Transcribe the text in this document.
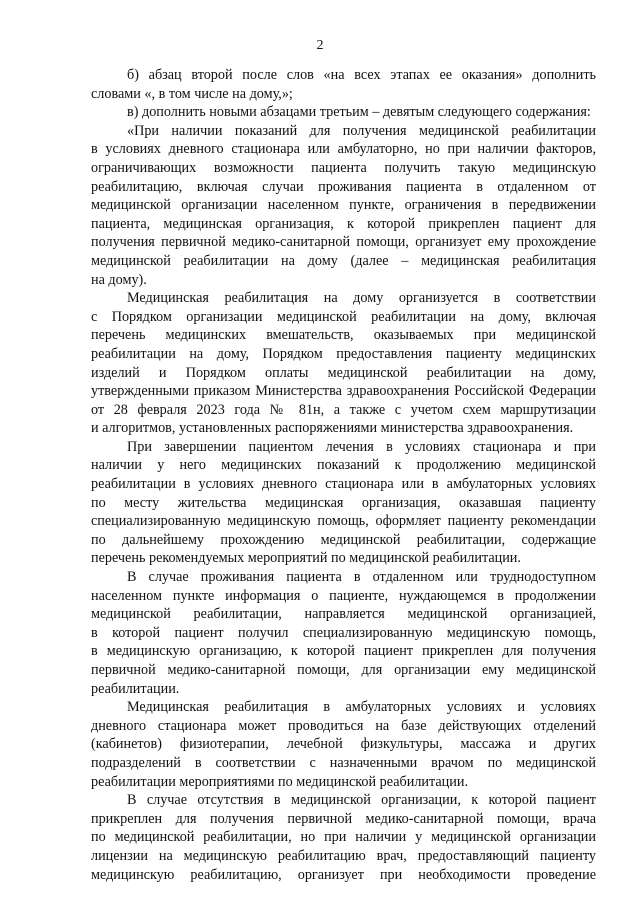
2
б) абзац второй после слов «на всех этапах ее оказания» дополнить
словами «, в том числе на дому,»;
в) дополнить новыми абзацами третьим – девятым следующего содержания:
«При наличии показаний для получения медицинской реабилитации
в условиях дневного стационара или амбулаторно, но при наличии факторов,
ограничивающих возможности пациента получить такую медицинскую
реабилитацию, включая случаи проживания пациента в отдаленном от
медицинской организации населенном пункте, ограничения в передвижении
пациента, медицинская организация, к которой прикреплен пациент для
получения первичной медико-санитарной помощи, организует ему прохождение
медицинской реабилитации на дому (далее – медицинская реабилитация
на дому).
Медицинская реабилитация на дому организуется в соответствии
с Порядком организации медицинской реабилитации на дому, включая
перечень медицинских вмешательств, оказываемых при медицинской
реабилитации на дому, Порядком предоставления пациенту медицинских
изделий и Порядком оплаты медицинской реабилитации на дому,
утвержденными приказом Министерства здравоохранения Российской Федерации
от 28 февраля 2023 года № 81н, а также с учетом схем маршрутизации
и алгоритмов, установленных распоряжениями министерства здравоохранения.
При завершении пациентом лечения в условиях стационара и при
наличии у него медицинских показаний к продолжению медицинской
реабилитации в условиях дневного стационара или в амбулаторных условиях
по месту жительства медицинская организация, оказавшая пациенту
специализированную медицинскую помощь, оформляет пациенту рекомендации
по дальнейшему прохождению медицинской реабилитации, содержащие
перечень рекомендуемых мероприятий по медицинской реабилитации.
В случае проживания пациента в отдаленном или труднодоступном
населенном пункте информация о пациенте, нуждающемся в продолжении
медицинской реабилитации, направляется медицинской организацией,
в которой пациент получил специализированную медицинскую помощь,
в медицинскую организацию, к которой пациент прикреплен для получения
первичной медико-санитарной помощи, для организации ему медицинской
реабилитации.
Медицинская реабилитация в амбулаторных условиях и условиях
дневного стационара может проводиться на базе действующих отделений
(кабинетов) физиотерапии, лечебной физкультуры, массажа и других
подразделений в соответствии с назначенными врачом по медицинской
реабилитации мероприятиями по медицинской реабилитации.
В случае отсутствия в медицинской организации, к которой пациент
прикреплен для получения первичной медико-санитарной помощи, врача
по медицинской реабилитации, но при наличии у медицинской организации
лицензии на медицинскую реабилитацию врач, предоставляющий пациенту
медицинскую реабилитацию, организует при необходимости проведение
